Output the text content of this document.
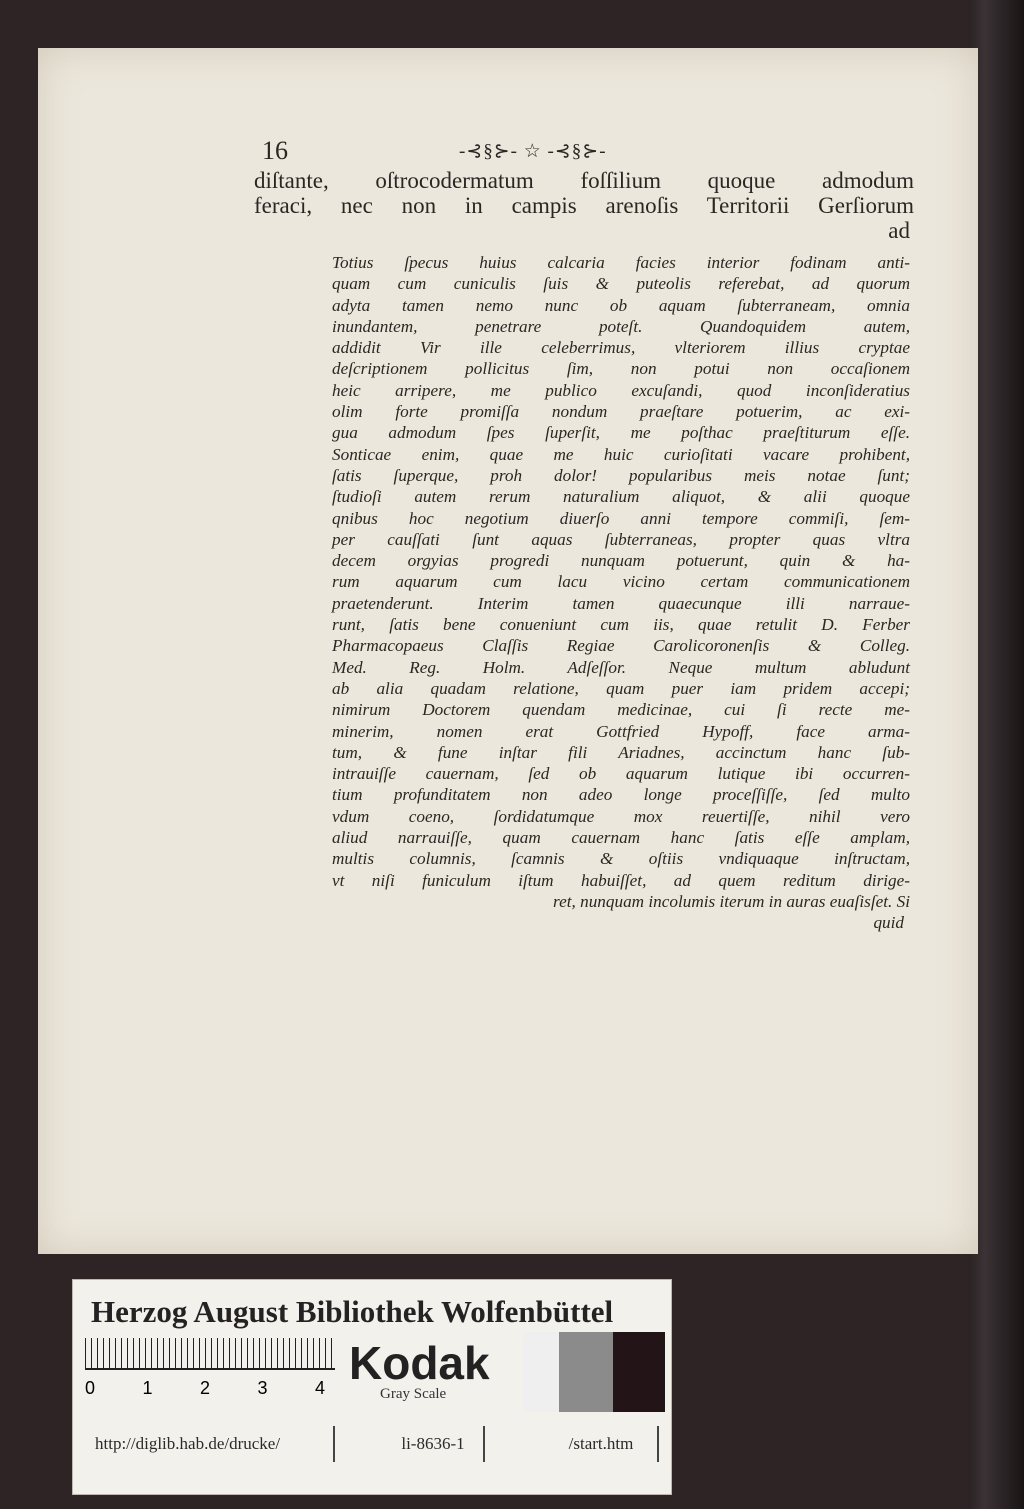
16	-⊰§⊱- ☆ -⊰§⊱-
diſtante, oſtrocodermatum foſſilium quoque admodum
feraci, nec non in campis arenoſis Territorii Gerſiorum
ad
Totius ſpecus huius calcaria facies interior fodinam anti-
quam cum cuniculis ſuis & puteolis referebat, ad quorum
adyta tamen nemo nunc ob aquam ſubterraneam, omnia
inundantem, penetrare poteſt. Quandoquidem autem,
addidit Vir ille celeberrimus, vlteriorem illius cryptae
deſcriptionem pollicitus ſim, non potui non occaſionem
heic arripere, me publico excuſandi, quod inconſideratius
olim forte promiſſa nondum praeſtare potuerim, ac exi-
gua admodum ſpes ſuperſit, me poſthac praeſtiturum eſſe.
Sonticae enim, quae me huic curioſitati vacare prohibent,
ſatis ſuperque, proh dolor! popularibus meis notae ſunt;
ſtudioſi autem rerum naturalium aliquot, & alii quoque
qnibus hoc negotium diuerſo anni tempore commiſi, ſem-
per cauſſati ſunt aquas ſubterraneas, propter quas vltra
decem orgyias progredi nunquam potuerunt, quin & ha-
rum aquarum cum lacu vicino certam communicationem
praetenderunt. Interim tamen quaecunque illi narraue-
runt, ſatis bene conueniunt cum iis, quae retulit D. Ferber
Pharmacopaeus Claſſis Regiae Carolicoronenſis & Colleg.
Med. Reg. Holm. Adſeſſor. Neque multum abludunt
ab alia quadam relatione, quam puer iam pridem accepi;
nimirum Doctorem quendam medicinae, cui ſi recte me-
minerim, nomen erat Gottfried Hypoff, face arma-
tum, & fune inſtar fili Ariadnes, accinctum hanc ſub-
intrauiſſe cauernam, ſed ob aquarum lutique ibi occurren-
tium profunditatem non adeo longe proceſſiſſe, ſed multo
vdum coeno, ſordidatumque mox reuertiſſe, nihil vero
aliud narrauiſſe, quam cauernam hanc ſatis eſſe amplam,
multis columnis, ſcamnis & oſtiis vndiquaque inſtructam,
vt niſi funiculum iſtum habuiſſet, ad quem reditum dirige-
ret, nunquam incolumis iterum in auras euaſisſet. Si
quid
Herzog August Bibliothek Wolfenbüttel
0	1	2	3	4 Kodak
Gray Scale
http://diglib.hab.de/drucke/	li-8636-1	/start.htm
